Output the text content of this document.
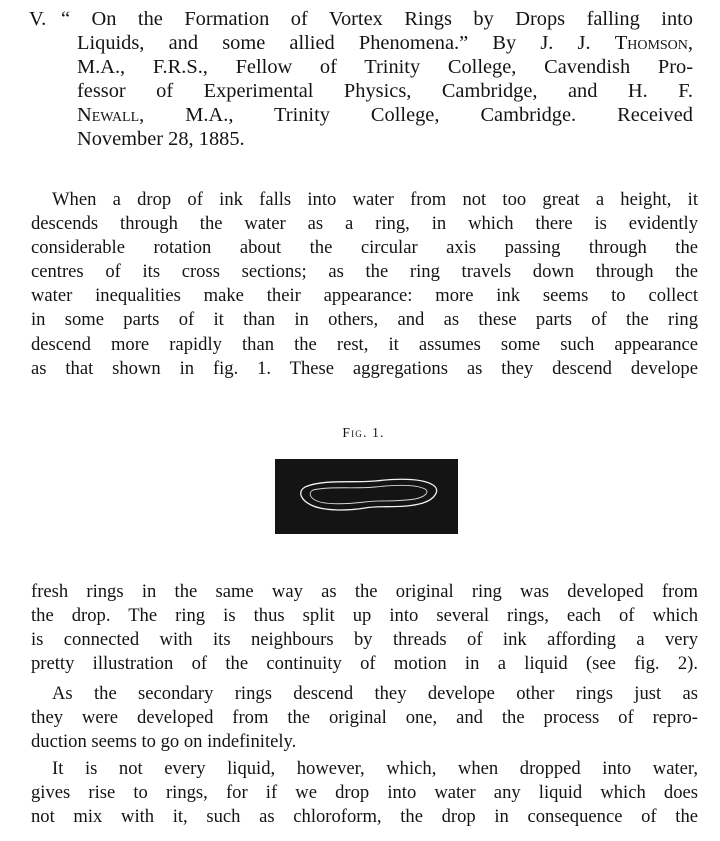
V. “ On the Formation of Vortex Rings by Drops falling into
Liquids, and some allied Phenomena.” By J. J. Thomson,
M.A., F.R.S., Fellow of Trinity College, Cavendish Pro-
fessor of Experimental Physics, Cambridge, and H. F.
Newall, M.A., Trinity College, Cambridge. Received
November 28, 1885.
When a drop of ink falls into water from not too great a height, it
descends through the water as a ring, in which there is evidently
considerable rotation about the circular axis passing through the
centres of its cross sections; as the ring travels down through the
water inequalities make their appearance: more ink seems to collect
in some parts of it than in others, and as these parts of the ring
descend more rapidly than the rest, it assumes some such appearance
as that shown in fig. 1. These aggregations as they descend develope
Fig. 1.
fresh rings in the same way as the original ring was developed from
the drop. The ring is thus split up into several rings, each of which
is connected with its neighbours by threads of ink affording a very
pretty illustration of the continuity of motion in a liquid (see fig. 2).
As the secondary rings descend they develope other rings just as
they were developed from the original one, and the process of repro-
duction seems to go on indefinitely.
It is not every liquid, however, which, when dropped into water,
gives rise to rings, for if we drop into water any liquid which does
not mix with it, such as chloroform, the drop in consequence of the
